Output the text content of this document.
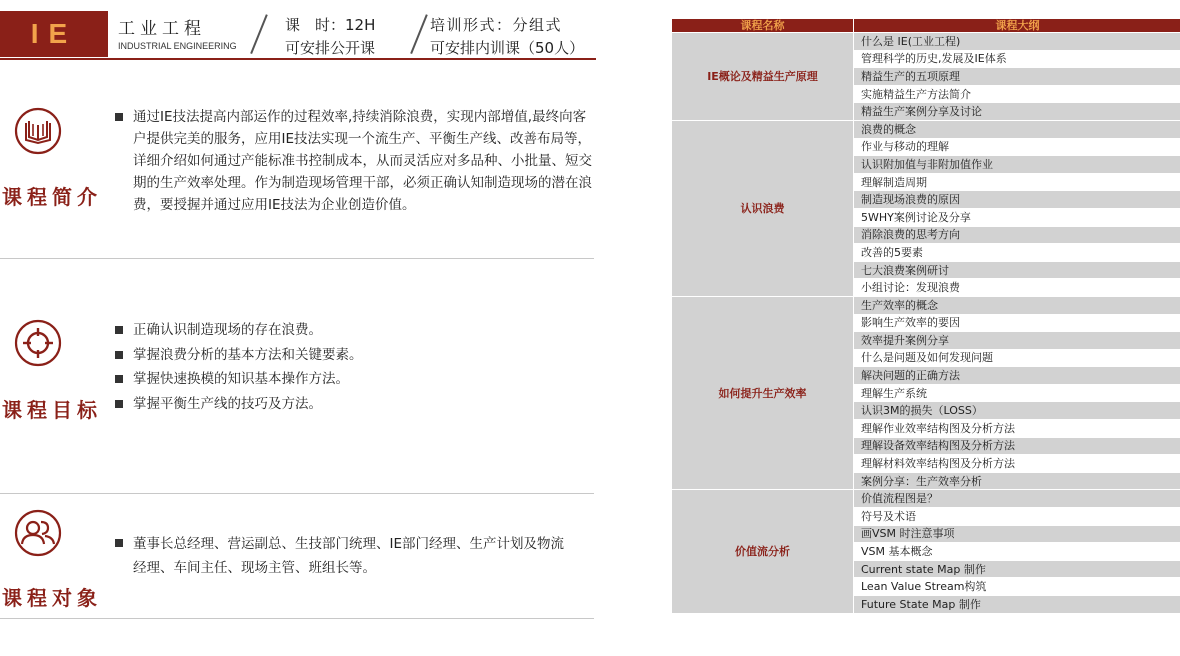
IE	工业工程
INDUSTRIAL ENGINEERING
课　时：12H
可安排公开课
培训形式：分组式
可安排内训课（50人）
课程简介
通过IE技法提高内部运作的过程效率,持续消除浪费，实现内部增值,最终向客户提供完美的服务，应用IE技法实现一个流生产、平衡生产线、改善布局等，详细介绍如何通过产能标准书控制成本，从而灵活应对多品种、小批量、短交期的生产效率处理。作为制造现场管理干部，必须正确认知制造现场的潜在浪费，要授握并通过应用IE技法为企业创造价值。
课程目标
正确认识制造现场的存在浪费。
掌握浪费分析的基本方法和关键要素。
掌握快速换模的知识基本操作方法。
掌握平衡生产线的技巧及方法。
课程对象
董事长总经理、营运副总、生技部门统理、IE部门经理、生产计划及物流经理、车间主任、现场主管、班组长等。
课程名称	课程大纲
IE概论及精益生产原理	什么是 IE(工业工程)
	管理科学的历史,发展及IE体系
	精益生产的五项原理
	实施精益生产方法简介
	精益生产案例分享及讨论
认识浪费	浪费的概念
	作业与移动的理解
	认识附加值与非附加值作业
	理解制造周期
	制造现场浪费的原因
	5WHY案例讨论及分享
	消除浪费的思考方向
	改善的5要素
	七大浪费案例研讨
	小组讨论：发现浪费
如何提升生产效率	生产效率的概念
	影响生产效率的要因
	效率提升案例分享
	什么是问题及如何发现问题
	解决问题的正确方法
	理解生产系统
	认识3M的损失（LOSS）
	理解作业效率结构图及分析方法
	理解设备效率结构图及分析方法
	理解材料效率结构图及分析方法
	案例分享：生产效率分析
价值流分析	价值流程图是？
	符号及术语
	画VSM 时注意事项
	VSM 基本概念
	Current state Map 制作
	Lean Value Stream构筑
	Future State Map 制作
